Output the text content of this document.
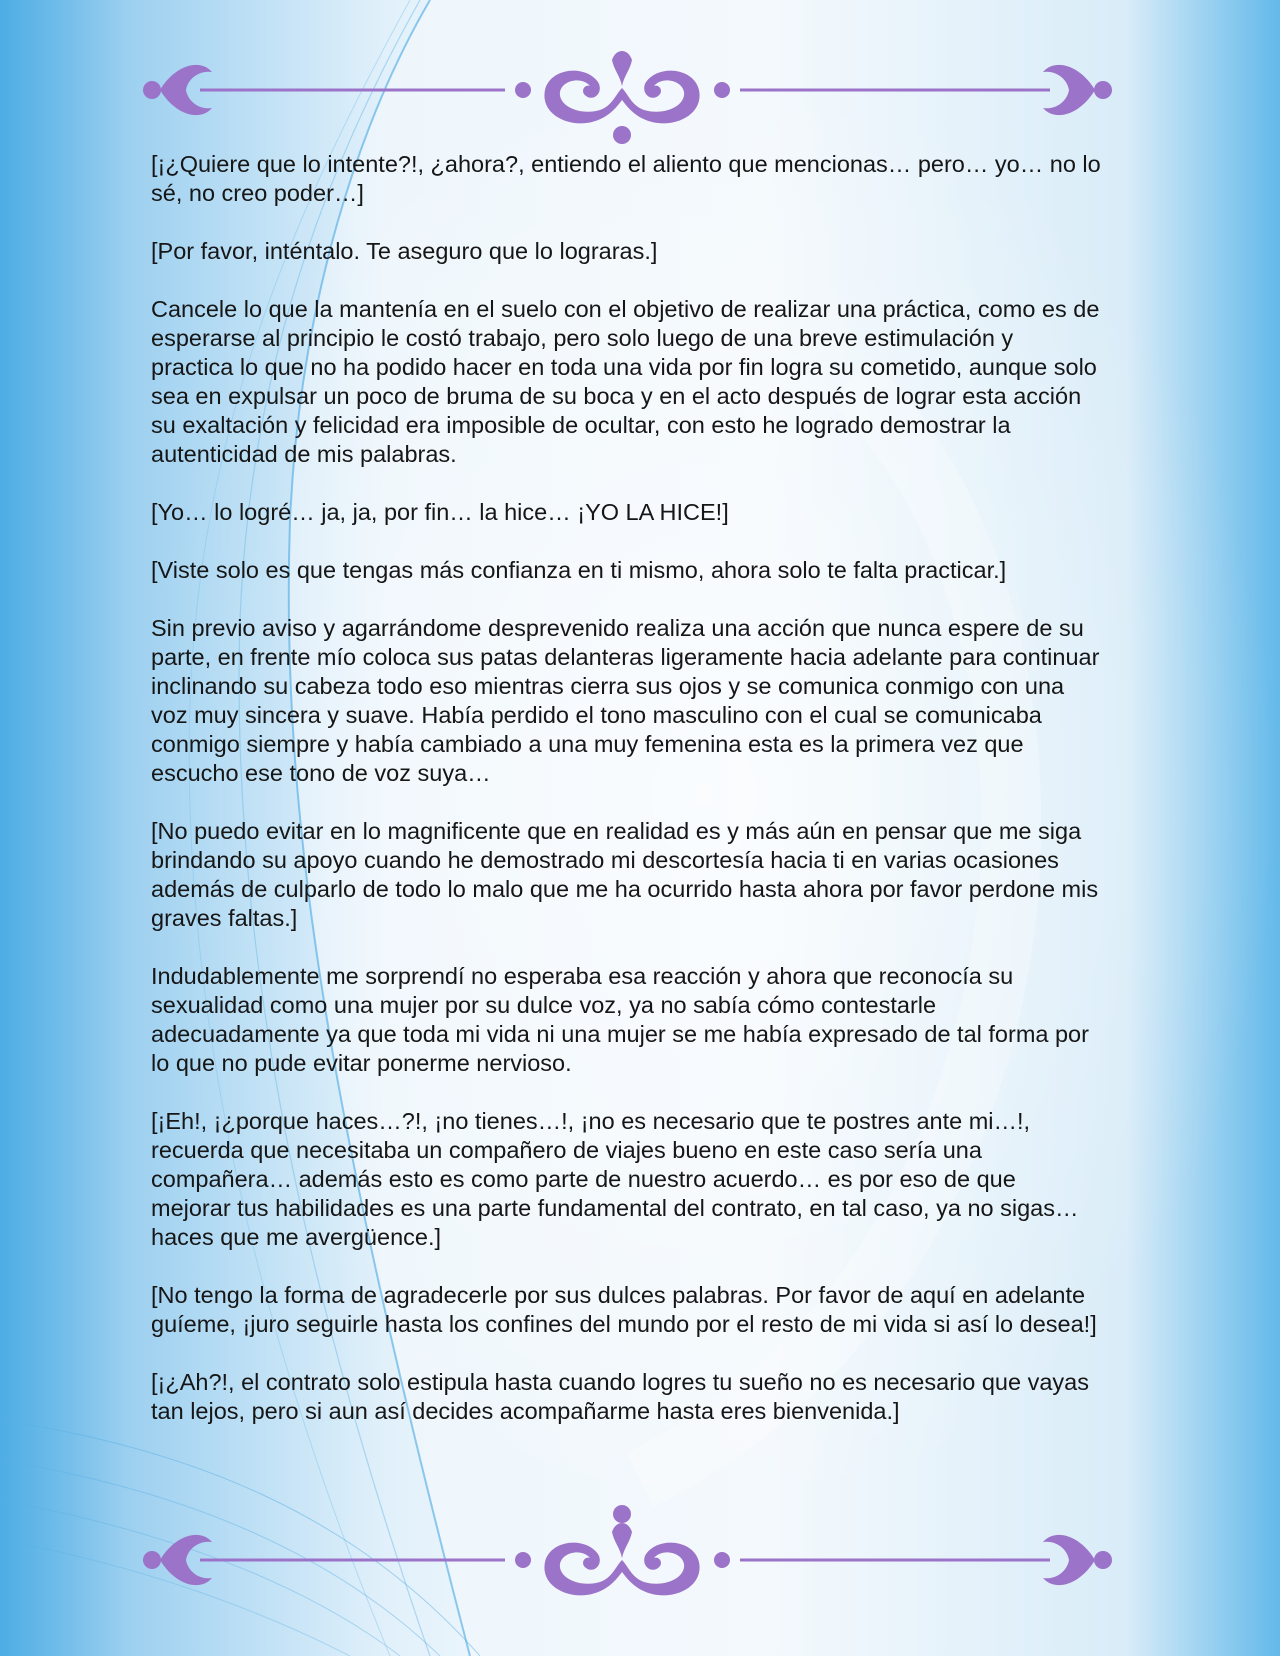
[¡¿Quiere que lo intente?!, ¿ahora?, entiendo el aliento que mencionas… pero… yo… no lo sé, no creo poder…]

[Por favor, inténtalo. Te aseguro que lo lograras.]

Cancele lo que la mantenía en el suelo con el objetivo de realizar una práctica, como es de esperarse al principio le costó trabajo, pero solo luego de una breve estimulación y practica lo que no ha podido hacer en toda una vida por fin logra su cometido, aunque solo sea en expulsar un poco de bruma de su boca y en el acto después de lograr esta acción su exaltación y felicidad era imposible de ocultar, con esto he logrado demostrar la autenticidad de mis palabras.

[Yo… lo logré… ja, ja, por fin… la hice… ¡YO LA HICE!]

[Viste solo es que tengas más confianza en ti mismo, ahora solo te falta practicar.]

Sin previo aviso y agarrándome desprevenido realiza una acción que nunca espere de su parte, en frente mío coloca sus patas delanteras ligeramente hacia adelante para continuar inclinando su cabeza todo eso mientras cierra sus ojos y se comunica conmigo con una voz muy sincera y suave. Había perdido el tono masculino con el cual se comunicaba conmigo siempre y había cambiado a una muy femenina esta es la primera vez que escucho ese tono de voz suya…

[No puedo evitar en lo magnificente que en realidad es y más aún en pensar que me siga brindando su apoyo cuando he demostrado mi descortesía hacia ti en varias ocasiones además de culparlo de todo lo malo que me ha ocurrido hasta ahora por favor perdone mis graves faltas.]

Indudablemente me sorprendí no esperaba esa reacción y ahora que reconocía su sexualidad como una mujer por su dulce voz, ya no sabía cómo contestarle adecuadamente ya que toda mi vida ni una mujer se me había expresado de tal forma por lo que no pude evitar ponerme nervioso.

[¡Eh!, ¡¿porque haces…?!, ¡no tienes…!, ¡no es necesario que te postres ante mi…!, recuerda que necesitaba un compañero de viajes bueno en este caso sería una compañera… además esto es como parte de nuestro acuerdo… es por eso de que mejorar tus habilidades es una parte fundamental del contrato, en tal caso, ya no sigas… haces que me avergüence.]

[No tengo la forma de agradecerle por sus dulces palabras. Por favor de aquí en adelante guíeme, ¡juro seguirle hasta los confines del mundo por el resto de mi vida si así lo desea!]

[¡¿Ah?!, el contrato solo estipula hasta cuando logres tu sueño no es necesario que vayas tan lejos, pero si aun así decides acompañarme hasta eres bienvenida.]
